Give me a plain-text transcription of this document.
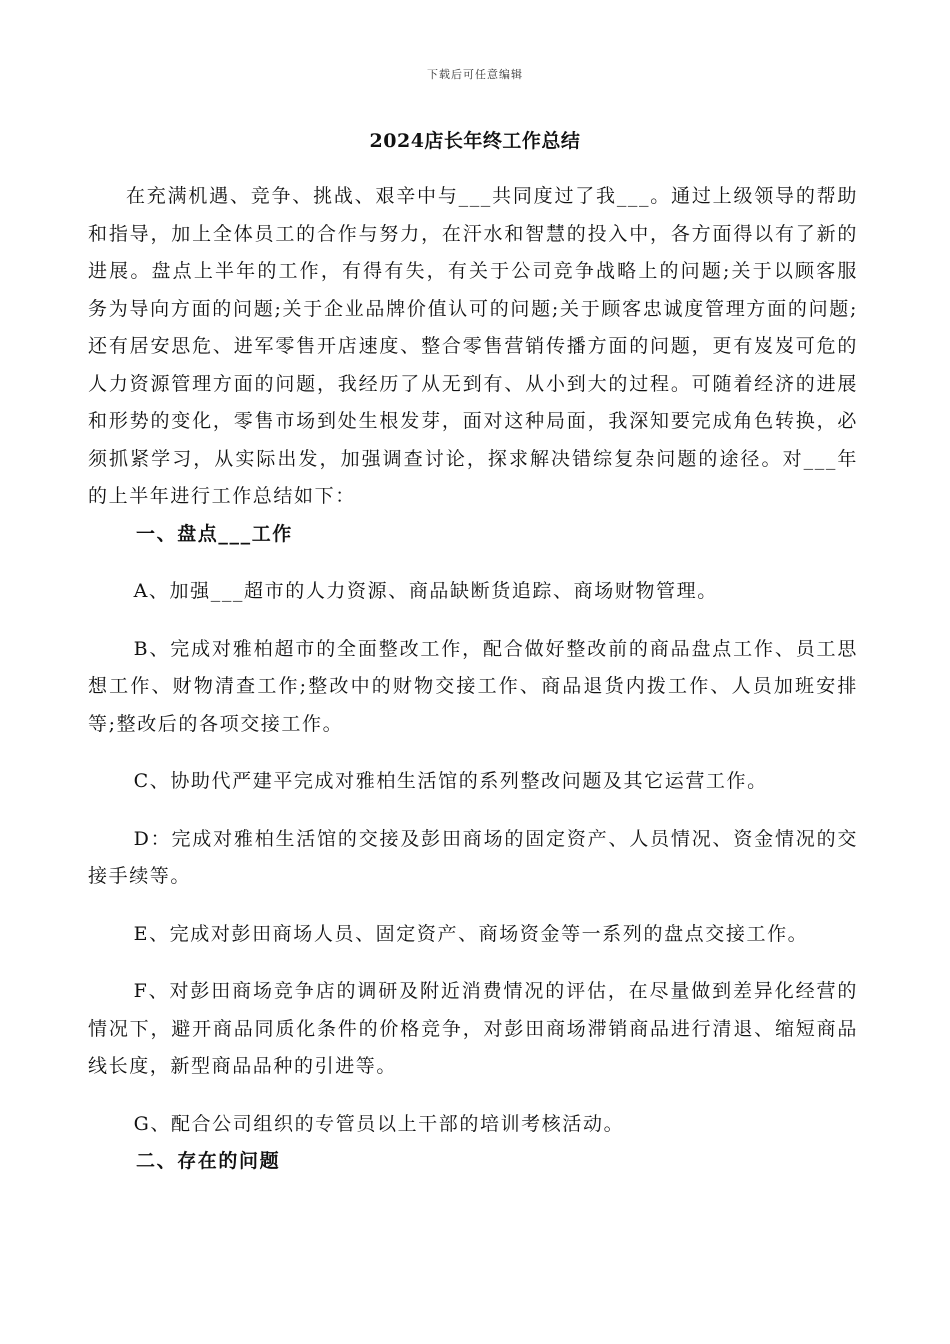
下载后可任意编辑
2024店长年终工作总结

在充满机遇、竞争、挑战、艰辛中与___共同度过了我___。通过上级领导的帮助和指导，加上全体员工的合作与努力，在汗水和智慧的投入中，各方面得以有了新的进展。盘点上半年的工作，有得有失，有关于公司竞争战略上的问题;关于以顾客服务为导向方面的问题;关于企业品牌价值认可的问题;关于顾客忠诚度管理方面的问题;还有居安思危、进军零售开店速度、整合零售营销传播方面的问题，更有岌岌可危的人力资源管理方面的问题，我经历了从无到有、从小到大的过程。可随着经济的进展和形势的变化，零售市场到处生根发芽，面对这种局面，我深知要完成角色转换，必须抓紧学习，从实际出发，加强调查讨论，探求解决错综复杂问题的途径。对___年的上半年进行工作总结如下：

一、盘点___工作

A、加强___超市的人力资源、商品缺断货追踪、商场财物管理。

B、完成对雅柏超市的全面整改工作，配合做好整改前的商品盘点工作、员工思想工作、财物清查工作;整改中的财物交接工作、商品退货内拨工作、人员加班安排等;整改后的各项交接工作。

C、协助代严建平完成对雅柏生活馆的系列整改问题及其它运营工作。

D：完成对雅柏生活馆的交接及彭田商场的固定资产、人员情况、资金情况的交接手续等。

E、完成对彭田商场人员、固定资产、商场资金等一系列的盘点交接工作。

F、对彭田商场竞争店的调研及附近消费情况的评估，在尽量做到差异化经营的情况下，避开商品同质化条件的价格竞争，对彭田商场滞销商品进行清退、缩短商品线长度，新型商品品种的引进等。

G、配合公司组织的专管员以上干部的培训考核活动。

二、存在的问题
